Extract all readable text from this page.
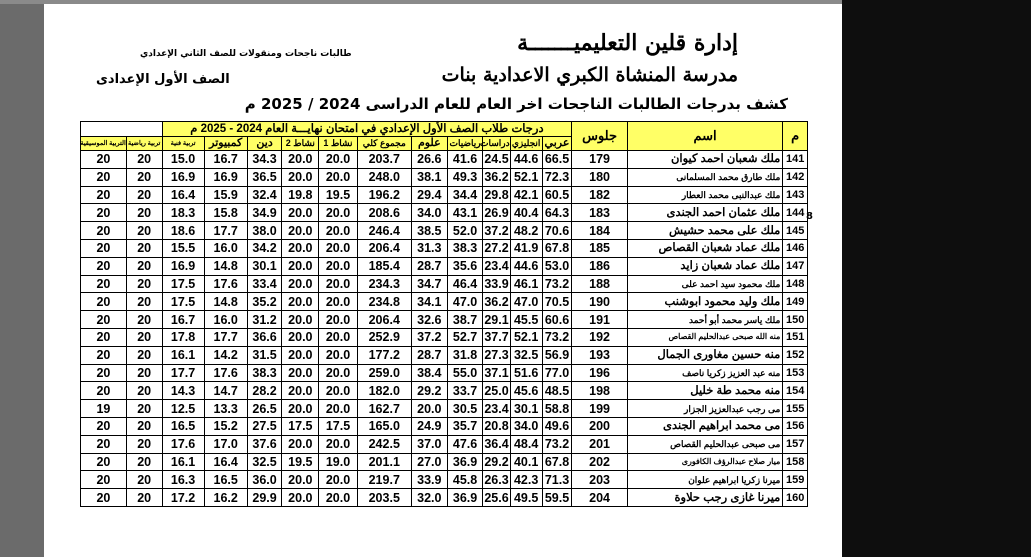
إدارة قلين التعليميـــــــة
مدرسة المنشاة الكبري الاعدادية بنات
كشف بدرجات الطالبات الناجحات اخر العام للعام الدراسى 2024 / 2025 م
طالبات ناجحات ومنقولات للصف الثاني الإعدادي
الصف الأول الإعدادى
8
م	اسم	جلوس	درجات طلاب الصف الأول الإعدادي في امتحان نهايـــة العام 2024 - 2025 م												
			عربي	انجليزي	دراسات	رياضيات	علوم	مجموع كلي	نشاط 1	نشاط 2	دين	كمبيوتر	تربية فنية	تربية رياضية	التربية الموسيقية
141	ملك شعبان احمد كيوان	179	66.5	44.6	24.5	41.6	26.6	203.7	20.0	20.0	34.3	16.7	15.0	20	20
142	ملك طارق محمد المسلمانى	180	72.3	52.1	36.2	49.3	38.1	248.0	20.0	20.0	36.5	16.9	16.9	20	20
143	ملك عبدالنبى محمد العطار	182	60.5	42.1	29.8	34.4	29.4	196.2	19.5	19.8	32.4	15.9	16.4	20	20
144	ملك عثمان احمد الجندى	183	64.3	40.4	26.9	43.1	34.0	208.6	20.0	20.0	34.9	15.8	18.3	20	20
145	ملك على محمد حشيش	184	70.6	48.2	37.2	52.0	38.5	246.4	20.0	20.0	38.0	17.7	18.6	20	20
146	ملك عماد شعبان القصاص	185	67.8	41.9	27.2	38.3	31.3	206.4	20.0	20.0	34.2	16.0	15.5	20	20
147	ملك عماد شعبان زايد	186	53.0	44.6	23.4	35.6	28.7	185.4	20.0	20.0	30.1	14.8	16.9	20	20
148	ملك محمود سيد احمد على	188	73.2	46.1	33.9	46.4	34.7	234.3	20.0	20.0	33.4	17.6	17.5	20	20
149	ملك وليد محمود ابوشنب	190	70.5	47.0	36.2	47.0	34.1	234.8	20.0	20.0	35.2	14.8	17.5	20	20
150	ملك ياسر محمد أبو أحمد	191	60.6	45.5	29.1	38.7	32.6	206.4	20.0	20.0	31.2	16.0	16.7	20	20
151	منه الله صبحى عبدالحليم القصاص	192	73.2	52.1	37.7	52.7	37.2	252.9	20.0	20.0	36.6	17.7	17.8	20	20
152	منه حسين مغاورى الجمال	193	56.9	32.5	27.3	31.8	28.7	177.2	20.0	20.0	31.5	14.2	16.1	20	20
153	منه عبد العزيز زكريا ناصف	196	77.0	51.6	37.1	55.0	38.4	259.0	20.0	20.0	38.3	17.6	17.7	20	20
154	منه محمد طة خليل	198	48.5	45.6	25.0	33.7	29.2	182.0	20.0	20.0	28.2	14.7	14.3	20	20
155	مى رجب عبدالعزيز الجزار	199	58.8	30.1	23.4	30.5	20.0	162.7	20.0	20.0	26.5	13.3	12.5	20	19
156	مى محمد ابراهيم الجندى	200	49.6	34.0	20.8	35.7	24.9	165.0	17.5	17.5	27.5	15.2	16.5	20	20
157	مى صبحى عبدالحليم القصاص	201	73.2	48.4	36.4	47.6	37.0	242.5	20.0	20.0	37.6	17.0	17.6	20	20
158	ميار صلاح عبدالرؤف الكافورى	202	67.8	40.1	29.2	36.9	27.0	201.1	19.0	19.5	32.5	16.4	16.1	20	20
159	ميرنا زكريا ابراهيم علوان	203	71.3	42.3	26.3	45.8	33.9	219.7	20.0	20.0	36.0	16.5	16.3	20	20
160	ميرنا غازى رجب حلاوة	204	59.5	49.5	25.6	36.9	32.0	203.5	20.0	20.0	29.9	16.2	17.2	20	20
